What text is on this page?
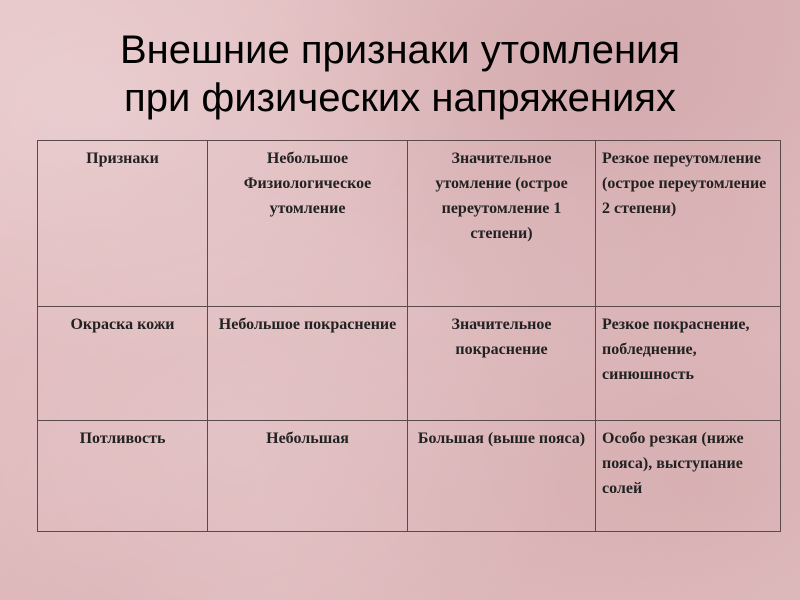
Внешние признаки утомления
при физических напряжениях
Признаки	Небольшое Физиологическое утомление	Значительное утомление (острое переутомление 1 степени)	Резкое переутомление (острое переутомление 2 степени)
Окраска кожи	Небольшое покраснение	Значительное покраснение	Резкое покраснение, побледнение, синюшность
Потливость	Небольшая	Большая (выше пояса)	Особо резкая (ниже пояса), выступание солей
